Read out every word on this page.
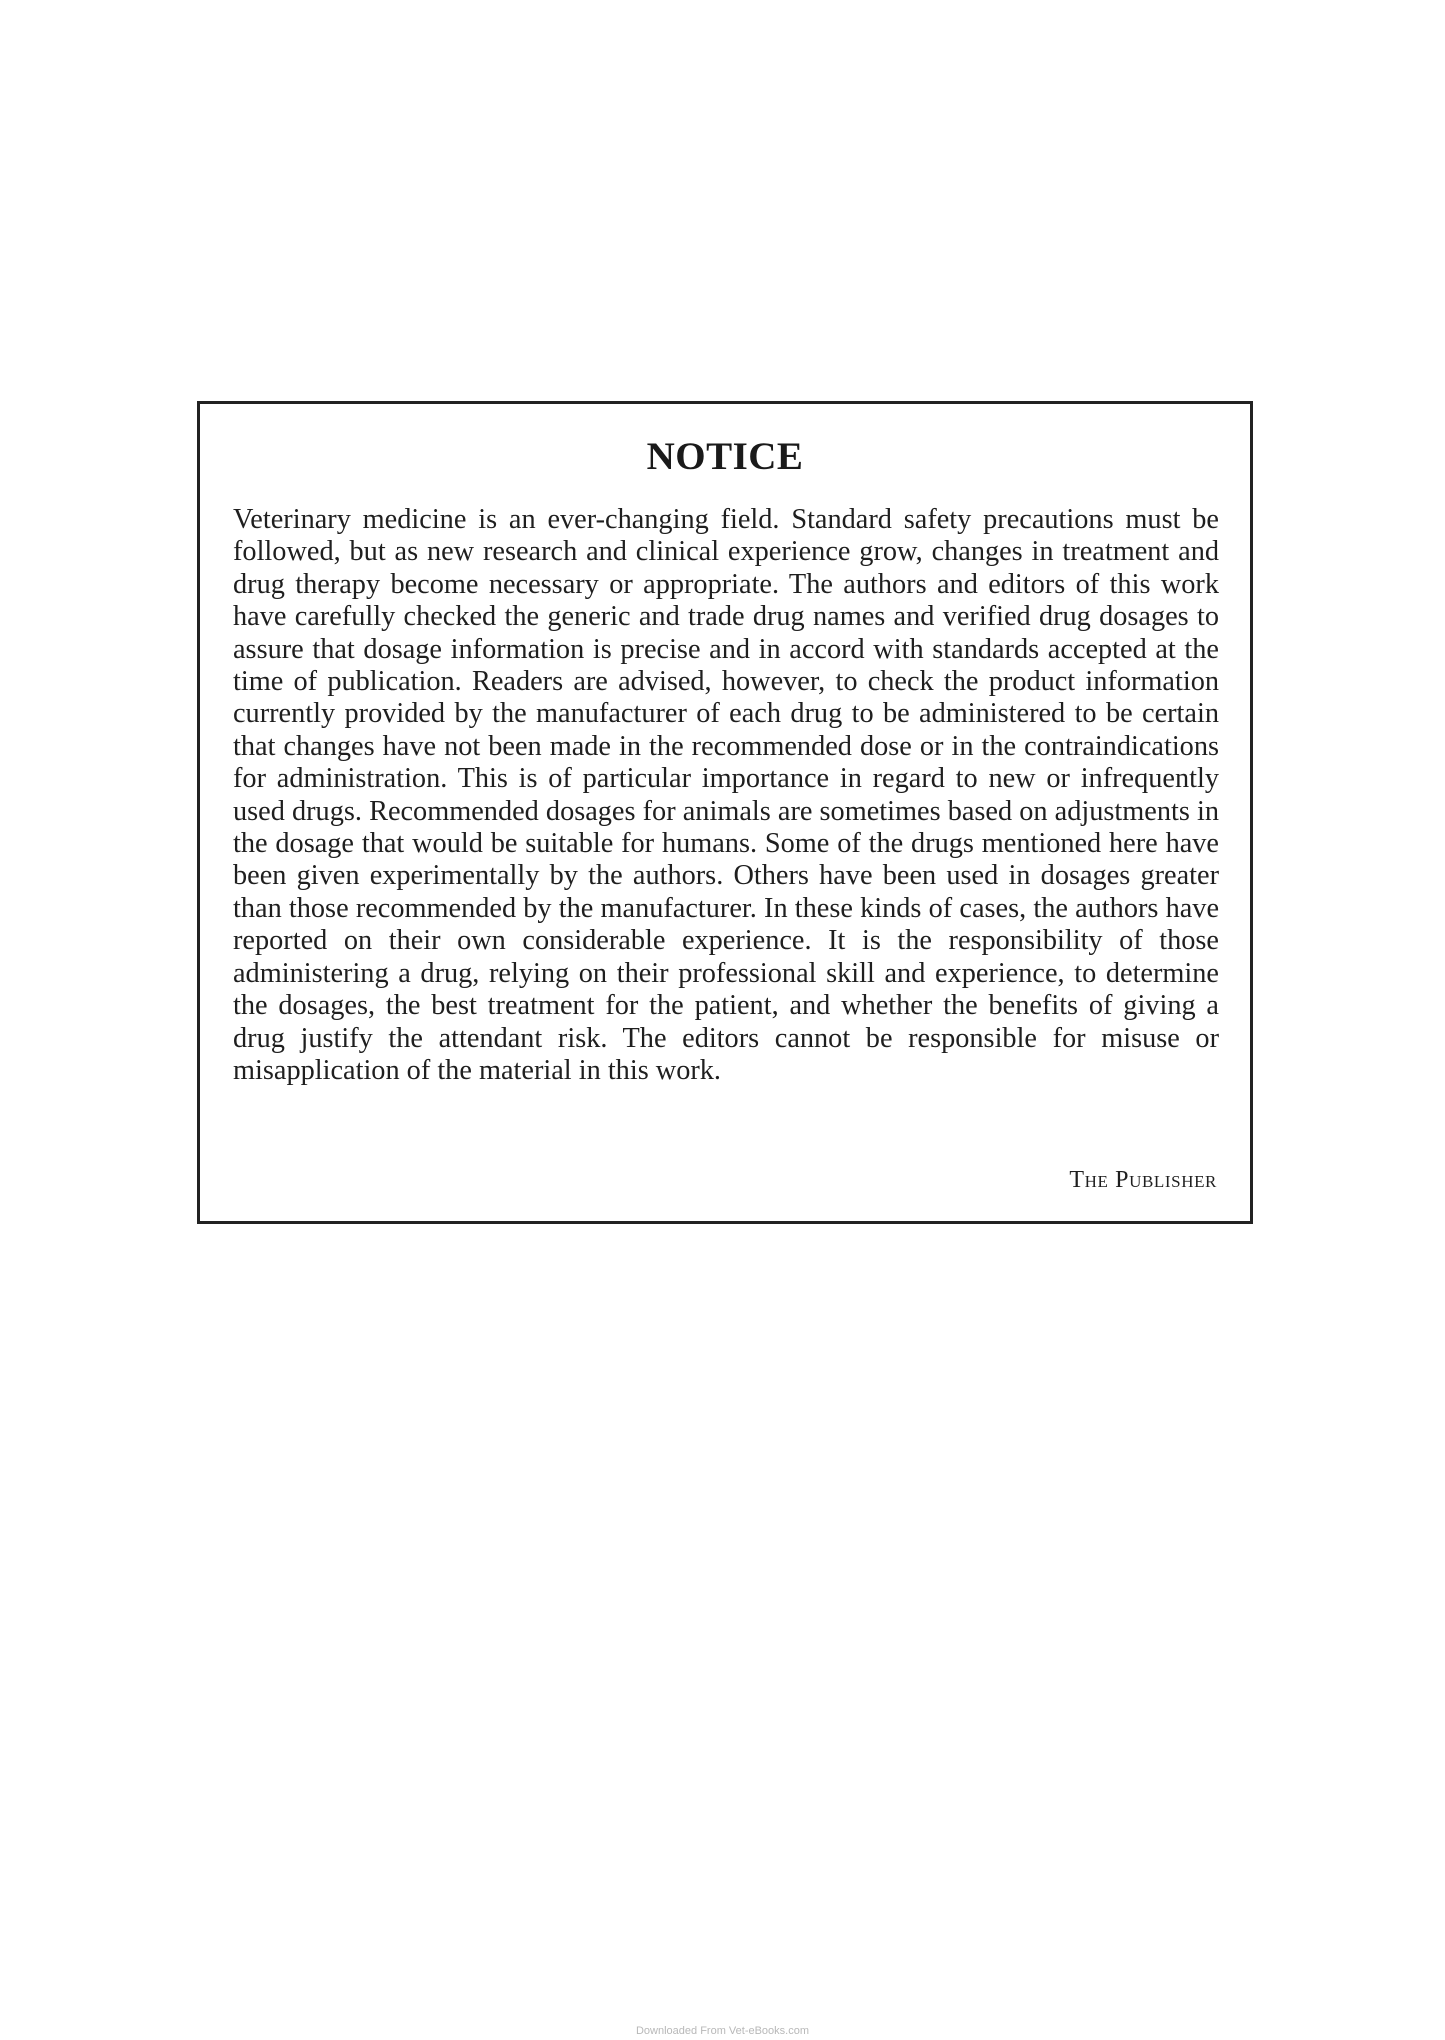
NOTICE
Veterinary medicine is an ever-changing field. Standard safety precautions must be followed, but as new research and clinical experience grow, changes in treatment and drug therapy become necessary or appropriate. The authors and editors of this work have carefully checked the generic and trade drug names and verified drug dosages to assure that dosage information is precise and in accord with standards accepted at the time of publication. Readers are advised, however, to check the product information currently provided by the manufacturer of each drug to be administered to be certain that changes have not been made in the recommended dose or in the contraindications for administration. This is of particular importance in regard to new or infrequently used drugs. Recommended dosages for animals are sometimes based on adjustments in the dosage that would be suitable for humans. Some of the drugs mentioned here have been given experimentally by the authors. Others have been used in dosages greater than those recommended by the manufacturer. In these kinds of cases, the authors have reported on their own considerable experience. It is the responsibility of those administering a drug, relying on their professional skill and experience, to determine the dosages, the best treatment for the patient, and whether the benefits of giving a drug justify the attendant risk. The editors cannot be responsible for misuse or misapplication of the material in this work.
The Publisher
Downloaded From Vet-eBooks.com
